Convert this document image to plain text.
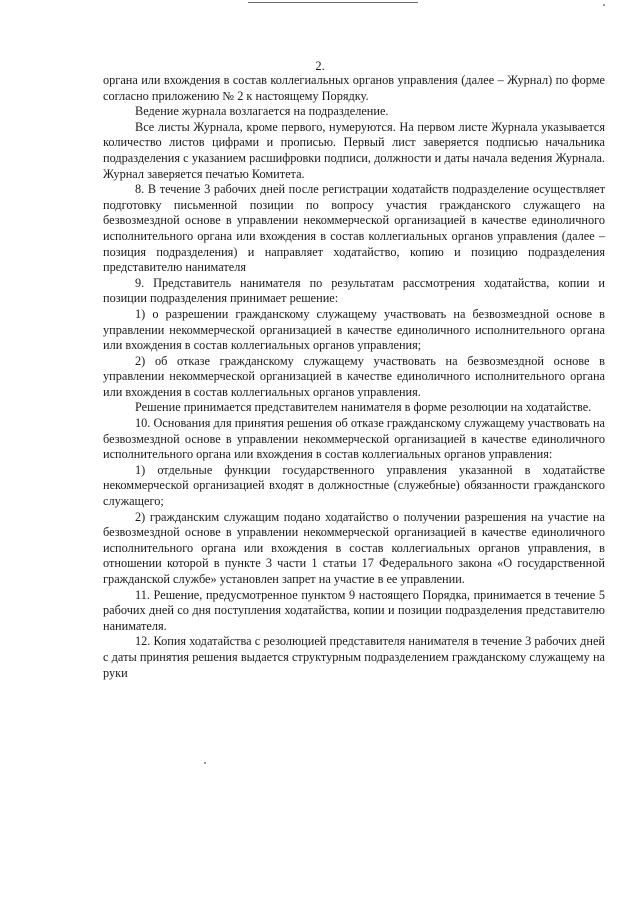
2.

органа или вхождения в состав коллегиальных органов управления (далее – Журнал) по форме согласно приложению № 2 к настоящему Порядку.

Ведение журнала возлагается на подразделение.

Все листы Журнала, кроме первого, нумеруются. На первом листе Журнала указывается количество листов цифрами и прописью. Первый лист заверяется подписью начальника подразделения с указанием расшифровки подписи, должности и даты начала ведения Журнала. Журнал заверяется печатью Комитета.

8. В течение 3 рабочих дней после регистрации ходатайств подразделение осуществляет подготовку письменной позиции по вопросу участия гражданского служащего на безвозмездной основе в управлении некоммерческой организацией в качестве единоличного исполнительного органа или вхождения в состав коллегиальных органов управления (далее – позиция подразделения) и направляет ходатайство, копию и позицию подразделения представителю нанимателя

9. Представитель нанимателя по результатам рассмотрения ходатайства, копии и позиции подразделения принимает решение:

1) о разрешении гражданскому служащему участвовать на безвозмездной основе в управлении некоммерческой организацией в качестве единоличного исполнительного органа или вхождения в состав коллегиальных органов управления;

2) об отказе гражданскому служащему участвовать на безвозмездной основе в управлении некоммерческой организацией в качестве единоличного исполнительного органа или вхождения в состав коллегиальных органов управления.

Решение принимается представителем нанимателя в форме резолюции на ходатайстве.

10. Основания для принятия решения об отказе гражданскому служащему участвовать на безвозмездной основе в управлении некоммерческой организацией в качестве единоличного исполнительного органа или вхождения в состав коллегиальных органов управления:

1) отдельные функции государственного управления указанной в ходатайстве некоммерческой организацией входят в должностные (служебные) обязанности гражданского служащего;

2) гражданским служащим подано ходатайство о получении разрешения на участие на безвозмездной основе в управлении некоммерческой организацией в качестве единоличного исполнительного органа или вхождения в состав коллегиальных органов управления, в отношении которой в пункте 3 части 1 статьи 17 Федерального закона «О государственной гражданской службе» установлен запрет на участие в ее управлении.

11. Решение, предусмотренное пунктом 9 настоящего Порядка, принимается в течение 5 рабочих дней со дня поступления ходатайства, копии и позиции подразделения представителю нанимателя.

12. Копия ходатайства с резолюцией представителя нанимателя в течение 3 рабочих дней с даты принятия решения выдается структурным подразделением гражданскому служащему на руки
